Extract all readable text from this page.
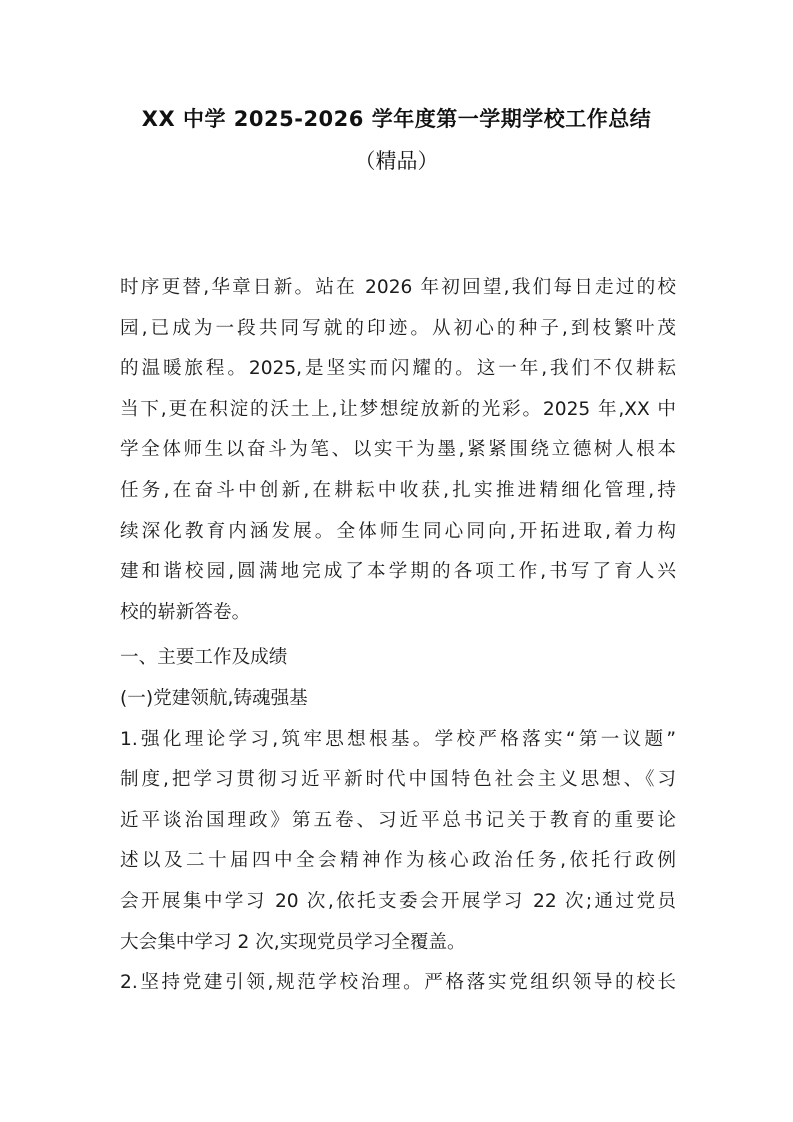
XX 中学 2025-2026 学年度第一学期学校工作总结
（精品）
时序更替,华章日新。站在 2026 年初回望,我们每日走过的校
园,已成为一段共同写就的印迹。从初心的种子,到枝繁叶茂
的温暖旅程。2025,是坚实而闪耀的。这一年,我们不仅耕耘
当下,更在积淀的沃土上,让梦想绽放新的光彩。2025 年,XX 中
学全体师生以奋斗为笔、以实干为墨,紧紧围绕立德树人根本
任务,在奋斗中创新,在耕耘中收获,扎实推进精细化管理,持
续深化教育内涵发展。全体师生同心同向,开拓进取,着力构
建和谐校园,圆满地完成了本学期的各项工作,书写了育人兴
校的崭新答卷。
一、主要工作及成绩
(一)党建领航,铸魂强基
1.强化理论学习,筑牢思想根基。学校严格落实“第一议题”
制度,把学习贯彻习近平新时代中国特色社会主义思想、《习
近平谈治国理政》第五卷、习近平总书记关于教育的重要论
述以及二十届四中全会精神作为核心政治任务,依托行政例
会开展集中学习 20 次,依托支委会开展学习 22 次;通过党员
大会集中学习 2 次,实现党员学习全覆盖。
2.坚持党建引领,规范学校治理。严格落实党组织领导的校长
